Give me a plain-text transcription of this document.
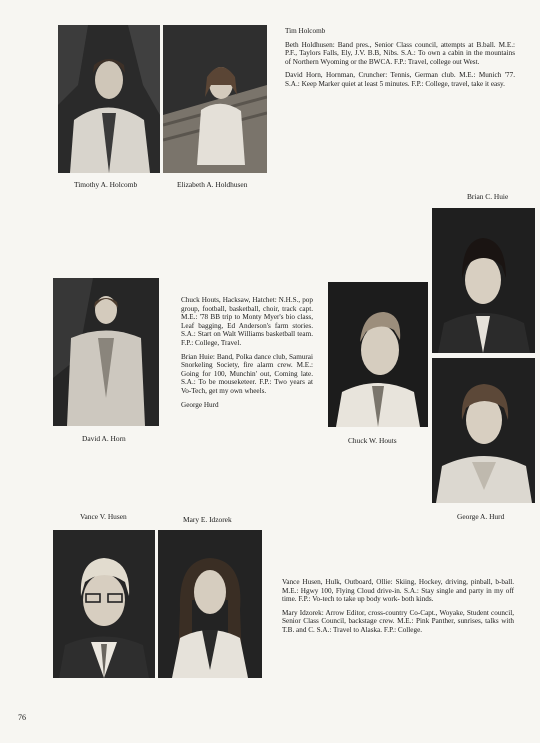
Timothy A. Holcomb	Elizabeth A. Holdhusen
Brian C. Huie
David A. Horn	Chuck W. Houts
George A. Hurd
Vance V. Husen	Mary E. Idzorek

Tim Holcomb

Beth Holdhusen: Band pres., Senior Class council, attempts at B.ball. M.E.: P.F., Taylors Falls, Ely, J.V. B.B, Nibs. S.A.: To own a cabin in the mountains of Northern Wyoming or the BWCA. F.P.: Travel, college out West.

David Horn, Hornman, Cruncher: Tennis, German club. M.E.: Munich '77. S.A.: Keep Marker quiet at least 5 minutes. F.P.: College, travel, take it easy.

Chuck Houts, Hacksaw, Hatchet: N.H.S., pop group, football, basketball, choir, track capt. M.E.: '78 BB trip to Monty Myer's bio class, Leaf bagging, Ed Anderson's farm stories. S.A.: Start on Walt Williams basketball team. F.P.: College, Travel.

Brian Huie: Band, Polka dance club, Samurai Snorkeling Society, fire alarm crew. M.E.: Going for 100, Munchin' out, Coming late. S.A.: To be mouseketeer. F.P.: Two years at Vo-Tech, get my own wheels.

George Hurd

Vance Husen, Hulk, Outboard, Ollie: Skiing, Hockey, driving, pinball, b-ball. M.E.: Hgwy 100, Flying Cloud drive-in. S.A.: Stay single and party in my off time. F.P.: Vo-tech to take up body work- both kinds.

Mary Idzorek: Arrow Editor, cross-country Co-Capt., Woyake, Student council, Senior Class Council, backstage crew. M.E.: Pink Panther, sunrises, talks with T.B. and C. S.A.: Travel to Alaska. F.P.: College.

76
